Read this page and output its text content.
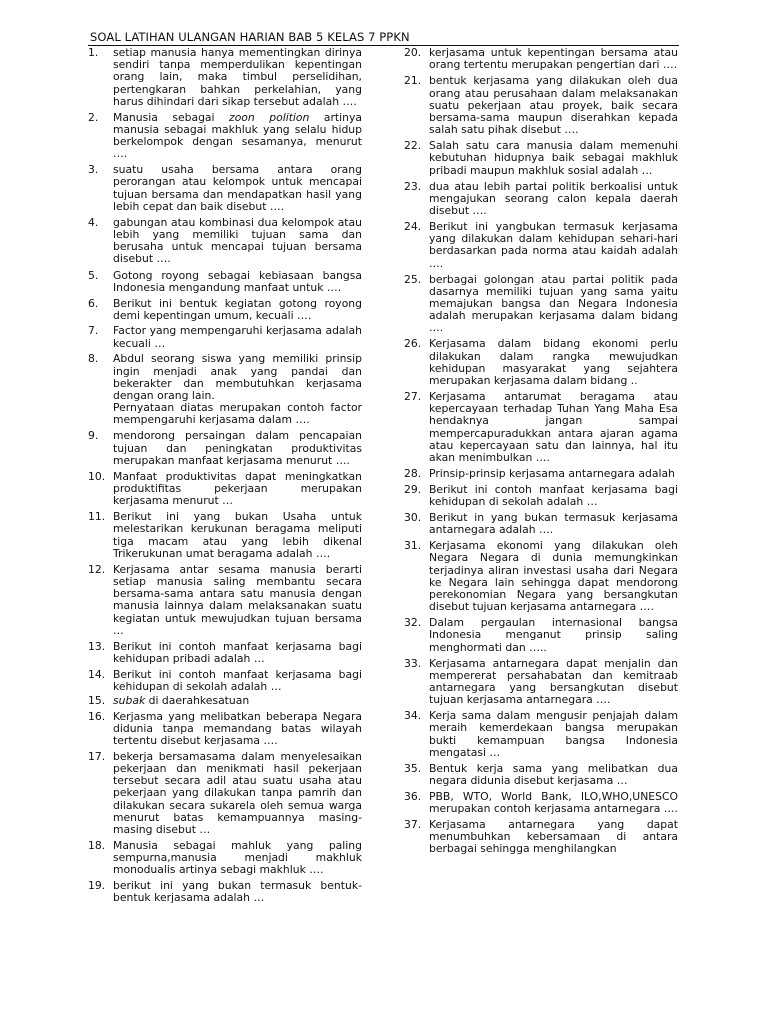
SOAL LATIHAN ULANGAN HARIAN BAB 5 KELAS 7 PPKN
1.	setiap manusia hanya mementingkan dirinya sendiri tanpa memperdulikan kepentingan orang lain, maka timbul perselidihan, pertengkaran bahkan perkelahian, yang harus dihindari dari sikap tersebut adalah ….
2.	Manusia sebagai zoon polition artinya manusia sebagai makhluk yang selalu hidup berkelompok dengan sesamanya, menurut ….
3.	suatu usaha bersama antara orang perorangan atau kelompok untuk mencapai tujuan bersama dan mendapatkan hasil yang lebih cepat dan baik disebut ….
4.	gabungan atau kombinasi dua kelompok atau lebih yang memiliki tujuan sama dan berusaha untuk mencapai tujuan bersama disebut ….
5.	Gotong royong sebagai kebiasaan bangsa Indonesia mengandung manfaat untuk ….
6.	Berikut ini bentuk kegiatan gotong royong demi kepentingan umum, kecuali ….
7.	Factor yang mempengaruhi kerjasama adalah kecuali …
8.	Abdul seorang siswa yang memiliki prinsip ingin menjadi anak yang pandai dan bekerakter dan membutuhkan kerjasama dengan orang lain.
Pernyataan diatas merupakan contoh factor mempengaruhi kerjasama dalam ….
9.	mendorong persaingan dalam pencapaian tujuan dan peningkatan produktivitas merupakan manfaat kerjasama menurut ….
10. Manfaat produktivitas dapat meningkatkan produktifitas pekerjaan merupakan kerjasama menurut …
11. Berikut ini yang bukan Usaha untuk melestarikan kerukunan beragama meliputi tiga macam atau yang lebih dikenal Trikerukunan umat beragama adalah ….
12. Kerjasama antar sesama manusia berarti setiap manusia saling membantu secara bersama-sama antara satu manusia dengan manusia lainnya dalam melaksanakan suatu kegiatan untuk mewujudkan tujuan bersama …
13. Berikut ini contoh manfaat kerjasama bagi kehidupan pribadi adalah …
14. Berikut ini contoh manfaat kerjasama bagi kehidupan di sekolah adalah …
15. subak di daerahkesatuan
16. Kerjasma yang melibatkan beberapa Negara didunia tanpa memandang batas wilayah tertentu disebut kerjasama ….
17. bekerja bersamasama dalam menyelesaikan pekerjaan dan menikmati hasil pekerjaan tersebut secara adil atau suatu usaha atau pekerjaan yang dilakukan tanpa pamrih dan dilakukan secara sukarela oleh semua warga menurut batas kemampuannya masing-masing disebut …
18. Manusia sebagai mahluk yang paling sempurna,manusia menjadi makhluk monodualis artinya sebagi makhluk ….
19. berikut ini yang bukan termasuk bentuk-bentuk kerjasama adalah …
20. kerjasama untuk kepentingan bersama atau orang tertentu merupakan pengertian dari ….
21. bentuk kerjasama yang dilakukan oleh dua orang atau perusahaan dalam melaksanakan suatu pekerjaan atau proyek, baik secara bersama-sama maupun diserahkan kepada salah satu pihak disebut ….
22. Salah satu cara manusia dalam memenuhi kebutuhan hidupnya baik sebagai makhluk pribadi maupun makhluk sosial adalah …
23. dua atau lebih partai politik berkoalisi untuk mengajukan seorang calon kepala daerah disebut ….
24. Berikut ini yangbukan termasuk kerjasama yang dilakukan dalam kehidupan sehari-hari berdasarkan pada norma atau kaidah adalah ….
25. berbagai golongan atau partai politik pada dasarnya memiliki tujuan yang sama yaitu memajukan bangsa dan Negara Indonesia adalah merupakan kerjasama dalam bidang ….
26. Kerjasama dalam bidang ekonomi perlu dilakukan dalam rangka mewujudkan kehidupan masyarakat yang sejahtera merupakan kerjasama dalam bidang ..
27. Kerjasama antarumat beragama atau kepercayaan terhadap Tuhan Yang Maha Esa hendaknya jangan sampai mempercapuradukkan antara ajaran agama atau kepercayaan satu dan lainnya, hal itu akan menimbulkan ….
28. Prinsip-prinsip kerjasama antarnegara adalah
29. Berikut ini contoh manfaat kerjasama bagi kehidupan di sekolah adalah …
30. Berikut in yang bukan termasuk kerjasama antarnegara adalah ….
31. Kerjasama ekonomi yang dilakukan oleh Negara Negara di dunia memungkinkan terjadinya aliran investasi usaha dari Negara ke Negara lain sehingga dapat mendorong perekonomian Negara yang bersangkutan disebut tujuan kerjasama antarnegara ….
32. Dalam pergaulan internasional bangsa Indonesia menganut prinsip saling menghormati dan …..
33. Kerjasama antarnegara dapat menjalin dan mempererat persahabatan dan kemitraab antarnegara yang bersangkutan disebut tujuan kerjasama antarnegara ….
34. Kerja sama dalam mengusir penjajah dalam meraih kemerdekaan bangsa merupakan bukti kemampuan bangsa Indonesia mengatasi …
35. Bentuk kerja sama yang melibatkan dua negara didunia disebut kerjasama …
36. PBB, WTO, World Bank, ILO,WHO,UNESCO merupakan contoh kerjasama antarnegara ….
37. Kerjasama antarnegara yang dapat menumbuhkan kebersamaan di antara berbagai sehingga menghilangkan
